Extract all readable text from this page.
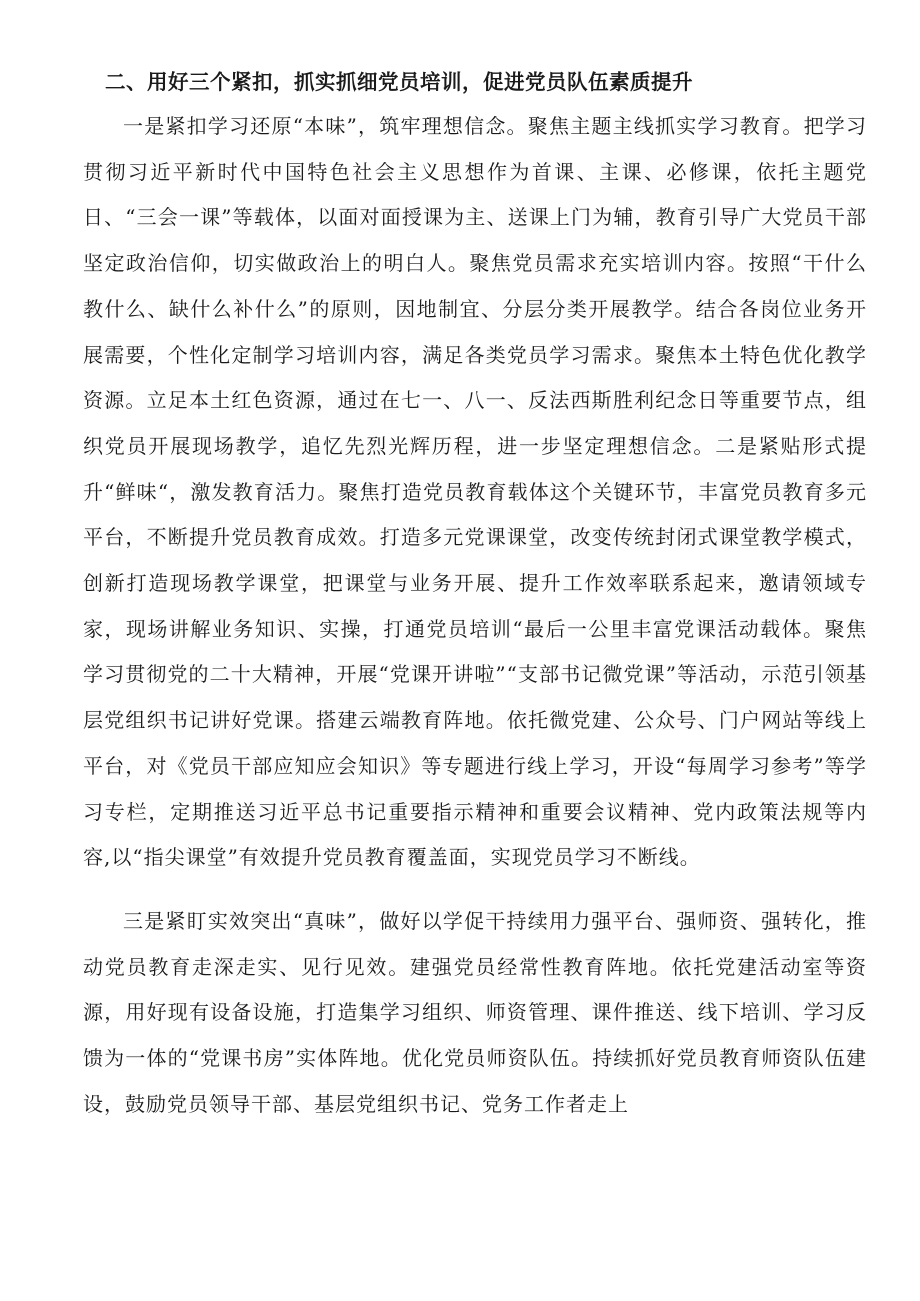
二、用好三个紧扣，抓实抓细党员培训，促进党员队伍素质提升

一是紧扣学习还原“本味”，筑牢理想信念。聚焦主题主线抓实学习教育。把学习贯彻习近平新时代中国特色社会主义思想作为首课、主课、必修课，依托主题党日、“三会一课”等载体，以面对面授课为主、送课上门为辅，教育引导广大党员干部坚定政治信仰，切实做政治上的明白人。聚焦党员需求充实培训内容。按照“干什么教什么、缺什么补什么”的原则，因地制宜、分层分类开展教学。结合各岗位业务开展需要，个性化定制学习培训内容，满足各类党员学习需求。聚焦本土特色优化教学资源。立足本土红色资源，通过在七一、八一、反法西斯胜利纪念日等重要节点，组织党员开展现场教学，追忆先烈光辉历程，进一步坚定理想信念。二是紧贴形式提升“鲜味“，激发教育活力。聚焦打造党员教育载体这个关键环节，丰富党员教育多元平台，不断提升党员教育成效。打造多元党课课堂，改变传统封闭式课堂教学模式，创新打造现场教学课堂，把课堂与业务开展、提升工作效率联系起来，邀请领域专家，现场讲解业务知识、实操，打通党员培训“最后一公里丰富党课活动载体。聚焦学习贯彻党的二十大精神，开展“党课开讲啦”“支部书记微党课”等活动，示范引领基层党组织书记讲好党课。搭建云端教育阵地。依托微党建、公众号、门户网站等线上平台，对《党员干部应知应会知识》等专题进行线上学习，开设“每周学习参考”等学习专栏，定期推送习近平总书记重要指示精神和重要会议精神、党内政策法规等内容,以“指尖课堂”有效提升党员教育覆盖面，实现党员学习不断线。

三是紧盯实效突出“真味”，做好以学促干持续用力强平台、强师资、强转化，推动党员教育走深走实、见行见效。建强党员经常性教育阵地。依托党建活动室等资源，用好现有设备设施，打造集学习组织、师资管理、课件推送、线下培训、学习反馈为一体的“党课书房”实体阵地。优化党员师资队伍。持续抓好党员教育师资队伍建设，鼓励党员领导干部、基层党组织书记、党务工作者走上
